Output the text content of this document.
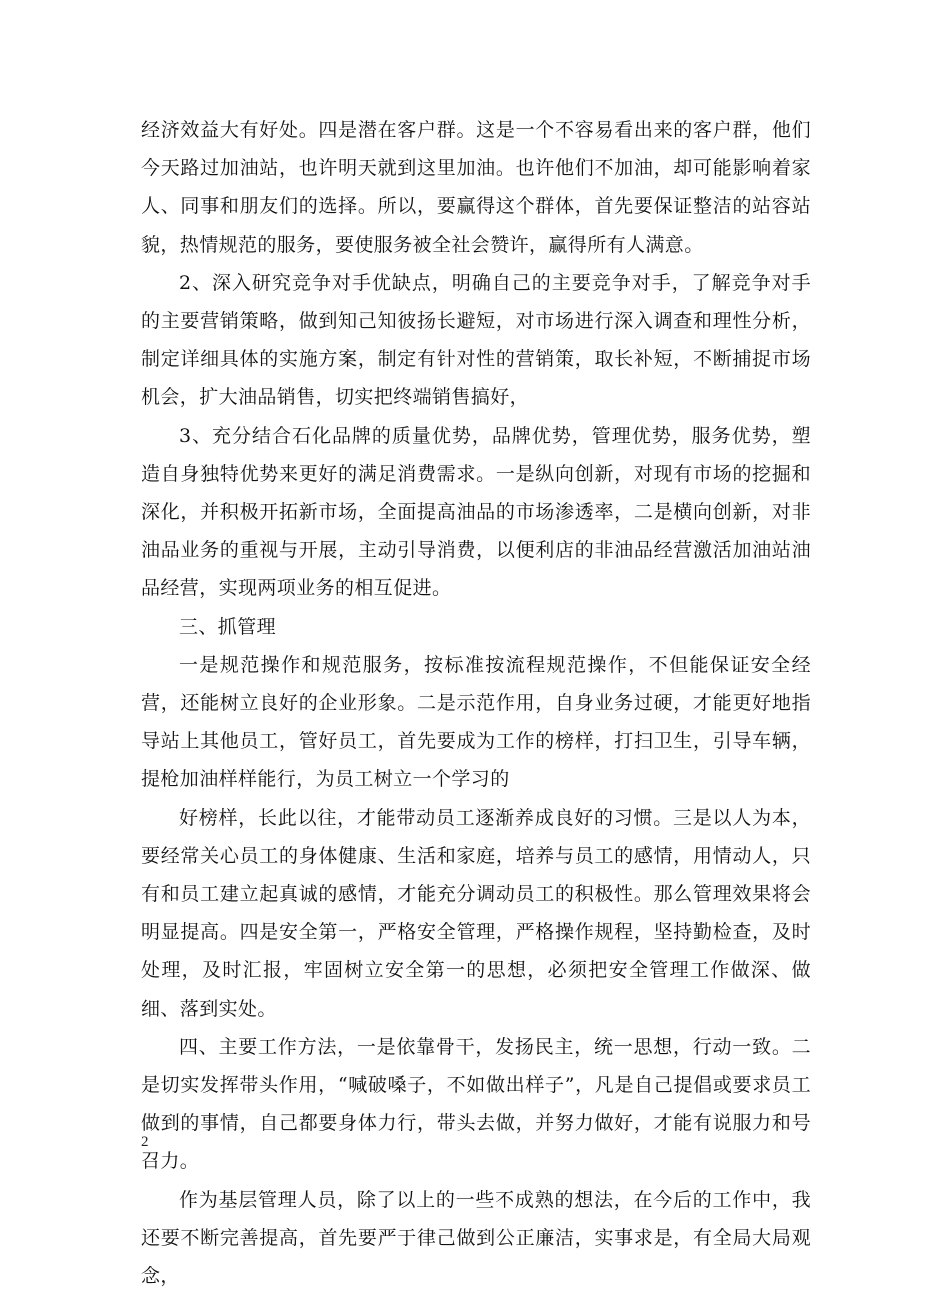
经济效益大有好处。四是潜在客户群。这是一个不容易看出来的客户群，他们今天路过加油站，也许明天就到这里加油。也许他们不加油，却可能影响着家人、同事和朋友们的选择。所以，要赢得这个群体，首先要保证整洁的站容站貌，热情规范的服务，要使服务被全社会赞许，赢得所有人满意。

2、深入研究竞争对手优缺点，明确自己的主要竞争对手，了解竞争对手的主要营销策略，做到知己知彼扬长避短，对市场进行深入调查和理性分析，制定详细具体的实施方案，制定有针对性的营销策，取长补短，不断捕捉市场机会，扩大油品销售，切实把终端销售搞好，

3、充分结合石化品牌的质量优势，品牌优势，管理优势，服务优势，塑造自身独特优势来更好的满足消费需求。一是纵向创新，对现有市场的挖掘和深化，并积极开拓新市场，全面提高油品的市场渗透率，二是横向创新，对非油品业务的重视与开展，主动引导消费，以便利店的非油品经营激活加油站油品经营，实现两项业务的相互促进。

三、抓管理

一是规范操作和规范服务，按标准按流程规范操作，不但能保证安全经营，还能树立良好的企业形象。二是示范作用，自身业务过硬，才能更好地指导站上其他员工，管好员工，首先要成为工作的榜样，打扫卫生，引导车辆，提枪加油样样能行，为员工树立一个学习的

好榜样，长此以往，才能带动员工逐渐养成良好的习惯。三是以人为本，要经常关心员工的身体健康、生活和家庭，培养与员工的感情，用情动人，只有和员工建立起真诚的感情，才能充分调动员工的积极性。那么管理效果将会明显提高。四是安全第一，严格安全管理，严格操作规程，坚持勤检查，及时处理，及时汇报，牢固树立安全第一的思想，必须把安全管理工作做深、做细、落到实处。

四、主要工作方法，一是依靠骨干，发扬民主，统一思想，行动一致。二是切实发挥带头作用，“喊破嗓子，不如做出样子”，凡是自己提倡或要求员工做到的事情，自己都要身体力行，带头去做，并努力做好，才能有说服力和号召力。

作为基层管理人员，除了以上的一些不成熟的想法，在今后的工作中，我还要不断完善提高，首先要严于律己做到公正廉洁，实事求是，有全局大局观念，

2
